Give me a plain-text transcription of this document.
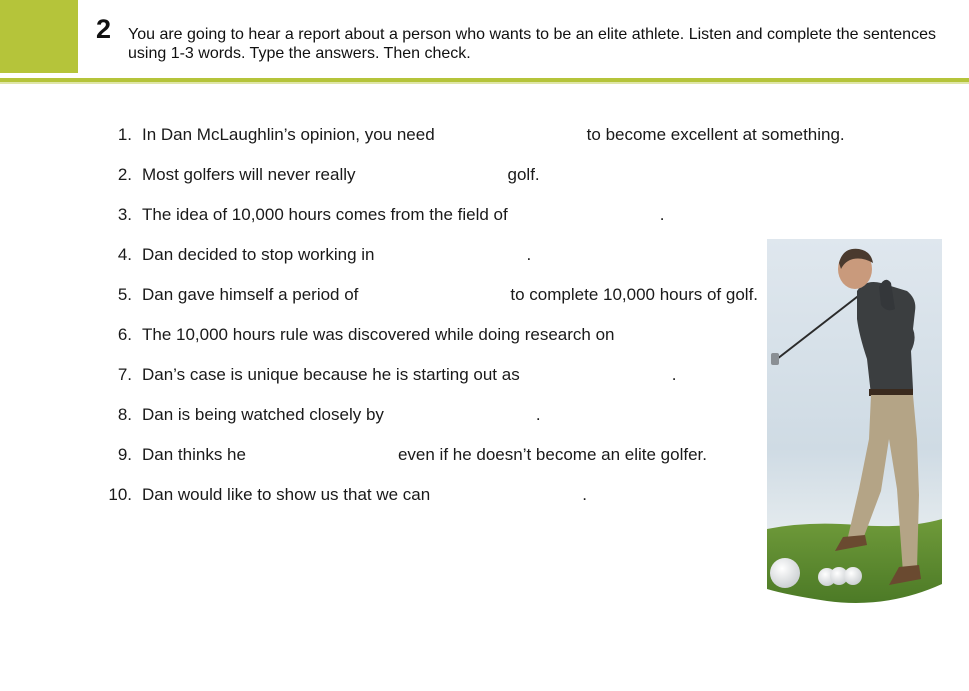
2 You are going to hear a report about a person who wants to be an elite athlete. Listen and complete the sentences using 1-3 words. Type the answers. Then check.
1. In Dan McLaughlin’s opinion, you need	to become excellent at something.
2. Most golfers will never really	golf.
3. The idea of 10,000 hours comes from the field of	.
4. Dan decided to stop working in	.
5. Dan gave himself a period of	to complete 10,000 hours of golf.
6. The 10,000 hours rule was discovered while doing research on
7. Dan’s case is unique because he is starting out as	.
8. Dan is being watched closely by	.
9. Dan thinks he	even if he doesn’t become an elite golfer.
10. Dan would like to show us that we can	.
